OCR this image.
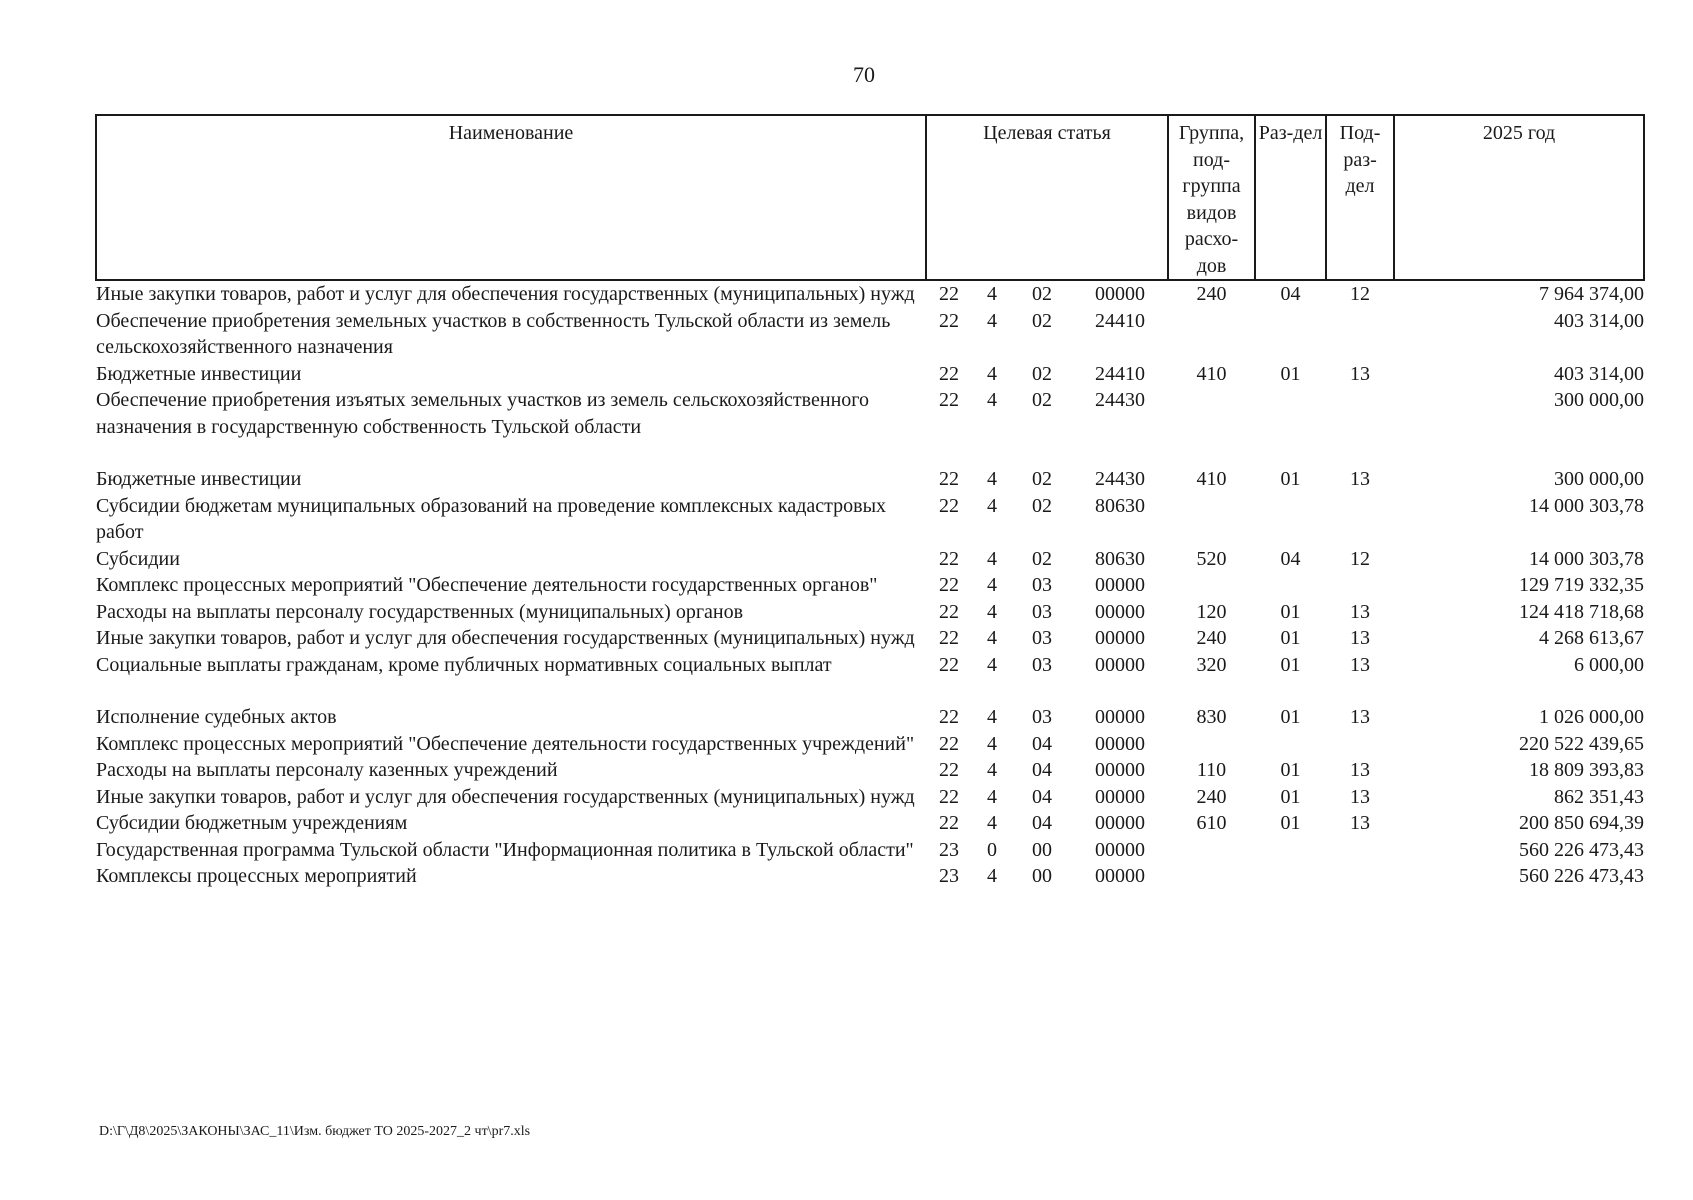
70
Наименование	Целевая статья				Группа, под-группа видов расхо-дов	Раз-дел	Под-раз-дел	2025 год
Иные закупки товаров, работ и услуг для обеспечения государственных (муниципальных) нужд	22	4	02	00000	240	04	12	7 964 374,00
Обеспечение приобретения земельных участков в собственность Тульской области из земель сельскохозяйственного назначения	22	4	02	24410				403 314,00
Бюджетные инвестиции	22	4	02	24410	410	01	13	403 314,00
Обеспечение приобретения изъятых земельных участков из земель сельскохозяйственного назначения в государственную собственность Тульской области	22	4	02	24430				300 000,00
Бюджетные инвестиции	22	4	02	24430	410	01	13	300 000,00
Субсидии бюджетам муниципальных образований на проведение комплексных кадастровых работ	22	4	02	80630				14 000 303,78
Субсидии	22	4	02	80630	520	04	12	14 000 303,78
Комплекс процессных мероприятий "Обеспечение деятельности государственных органов"	22	4	03	00000				129 719 332,35
Расходы на выплаты персоналу государственных (муниципальных) органов	22	4	03	00000	120	01	13	124 418 718,68
Иные закупки товаров, работ и услуг для обеспечения государственных (муниципальных) нужд	22	4	03	00000	240	01	13	4 268 613,67
Социальные выплаты гражданам, кроме публичных нормативных социальных выплат	22	4	03	00000	320	01	13	6 000,00
Исполнение судебных актов	22	4	03	00000	830	01	13	1 026 000,00
Комплекс процессных мероприятий "Обеспечение деятельности государственных учреждений"	22	4	04	00000				220 522 439,65
Расходы на выплаты персоналу казенных учреждений	22	4	04	00000	110	01	13	18 809 393,83
Иные закупки товаров, работ и услуг для обеспечения государственных (муниципальных) нужд	22	4	04	00000	240	01	13	862 351,43
Субсидии бюджетным учреждениям	22	4	04	00000	610	01	13	200 850 694,39
Государственная программа Тульской области "Информационная политика в Тульской области"	23	0	00	00000				560 226 473,43
Комплексы процессных мероприятий	23	4	00	00000				560 226 473,43
D:\Г\Д8\2025\ЗАКОНЫ\ЗАС_11\Изм. бюджет ТО 2025-2027_2 чт\pr7.xls
